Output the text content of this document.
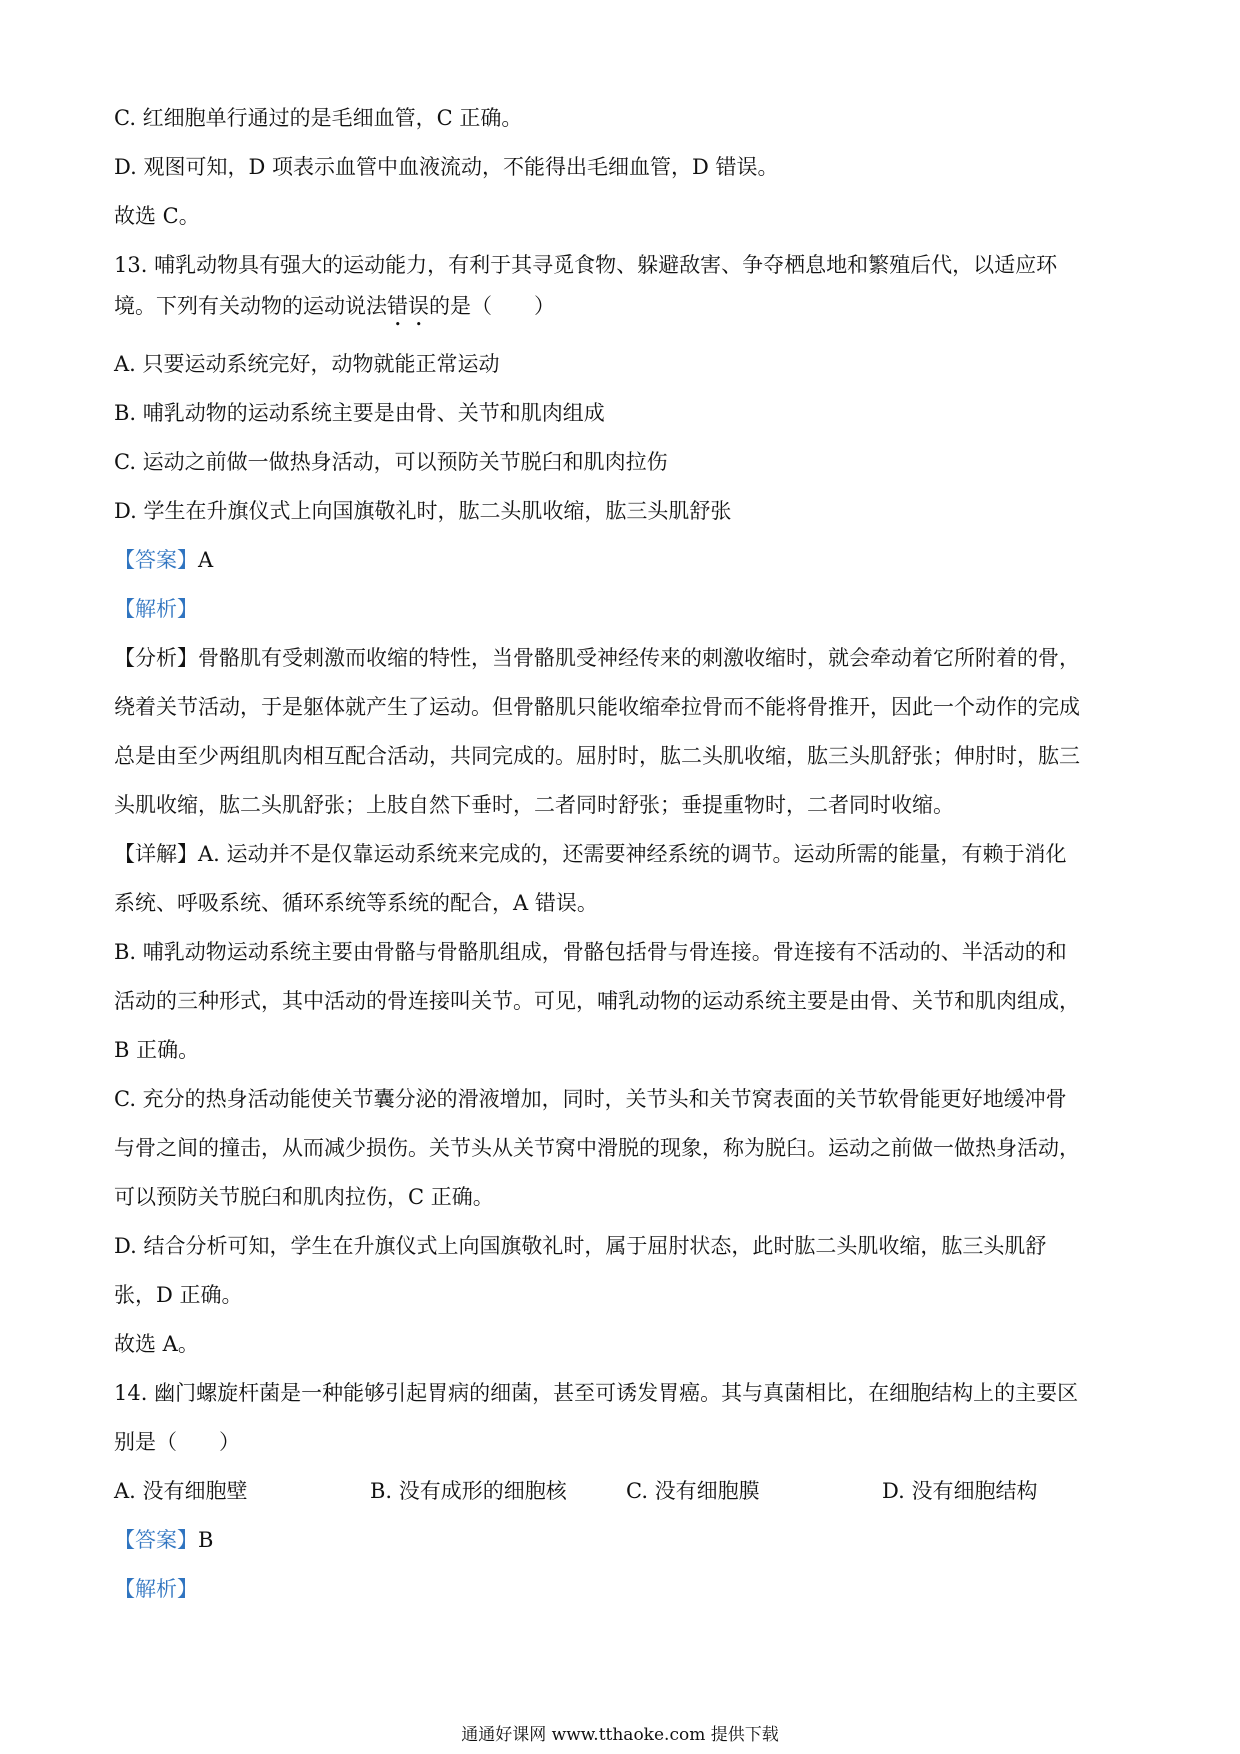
C. 红细胞单行通过的是毛细血管，C 正确。
D. 观图可知，D 项表示血管中血液流动，不能得出毛细血管，D 错误。
故选 C。
13. 哺乳动物具有强大的运动能力，有利于其寻觅食物、躲避敌害、争夺栖息地和繁殖后代，以适应环
境。下列有关动物的运动说法错误的是（　　）
A. 只要运动系统完好，动物就能正常运动
B. 哺乳动物的运动系统主要是由骨、关节和肌肉组成
C. 运动之前做一做热身活动，可以预防关节脱臼和肌肉拉伤
D. 学生在升旗仪式上向国旗敬礼时，肱二头肌收缩，肱三头肌舒张
【答案】A
【解析】
【分析】骨骼肌有受刺激而收缩的特性，当骨骼肌受神经传来的刺激收缩时，就会牵动着它所附着的骨，
绕着关节活动，于是躯体就产生了运动。但骨骼肌只能收缩牵拉骨而不能将骨推开，因此一个动作的完成
总是由至少两组肌肉相互配合活动，共同完成的。屈肘时，肱二头肌收缩，肱三头肌舒张；伸肘时，肱三
头肌收缩，肱二头肌舒张；上肢自然下垂时，二者同时舒张；垂提重物时，二者同时收缩。
【详解】A. 运动并不是仅靠运动系统来完成的，还需要神经系统的调节。运动所需的能量，有赖于消化
系统、呼吸系统、循环系统等系统的配合，A 错误。
B. 哺乳动物运动系统主要由骨骼与骨骼肌组成，骨骼包括骨与骨连接。骨连接有不活动的、半活动的和
活动的三种形式，其中活动的骨连接叫关节。可见，哺乳动物的运动系统主要是由骨、关节和肌肉组成，
B 正确。
C. 充分的热身活动能使关节囊分泌的滑液增加，同时，关节头和关节窝表面的关节软骨能更好地缓冲骨
与骨之间的撞击，从而减少损伤。关节头从关节窝中滑脱的现象，称为脱臼。运动之前做一做热身活动，
可以预防关节脱臼和肌肉拉伤，C 正确。
D. 结合分析可知，学生在升旗仪式上向国旗敬礼时，属于屈肘状态，此时肱二头肌收缩，肱三头肌舒
张，D 正确。
故选 A。
14. 幽门螺旋杆菌是一种能够引起胃病的细菌，甚至可诱发胃癌。其与真菌相比，在细胞结构上的主要区
别是（　　）
A. 没有细胞壁	B. 没有成形的细胞核	C. 没有细胞膜	D. 没有细胞结构
【答案】B
【解析】
通通好课网 www.tthaoke.com 提供下载
